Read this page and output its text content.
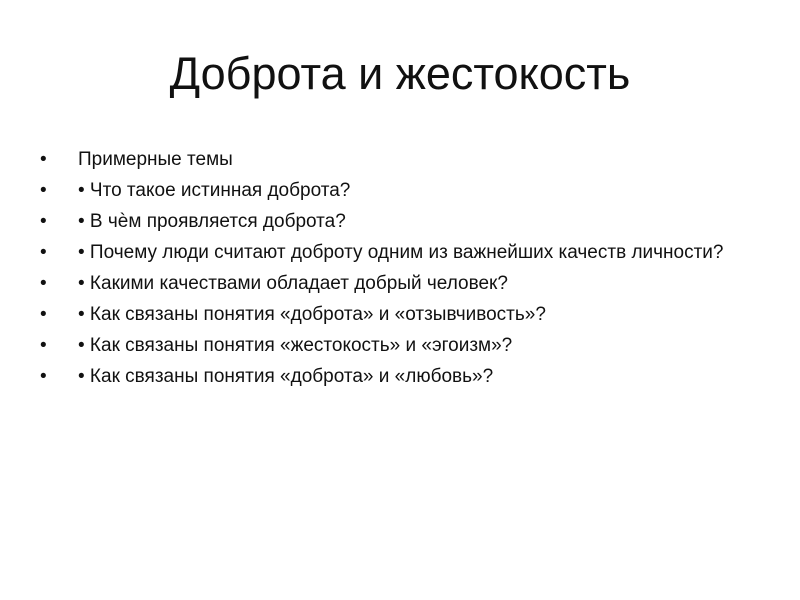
Доброта и жестокость
•	Примерные темы
•	• Что такое истинная доброта?
•	• В чѐм проявляется доброта?
•	• Почему люди считают доброту одним из важнейших качеств личности?
•	• Какими качествами обладает добрый человек?
•	• Как связаны понятия «доброта» и «отзывчивость»?
•	• Как связаны понятия «жестокость» и «эгоизм»?
•	• Как связаны понятия «доброта» и «любовь»?
